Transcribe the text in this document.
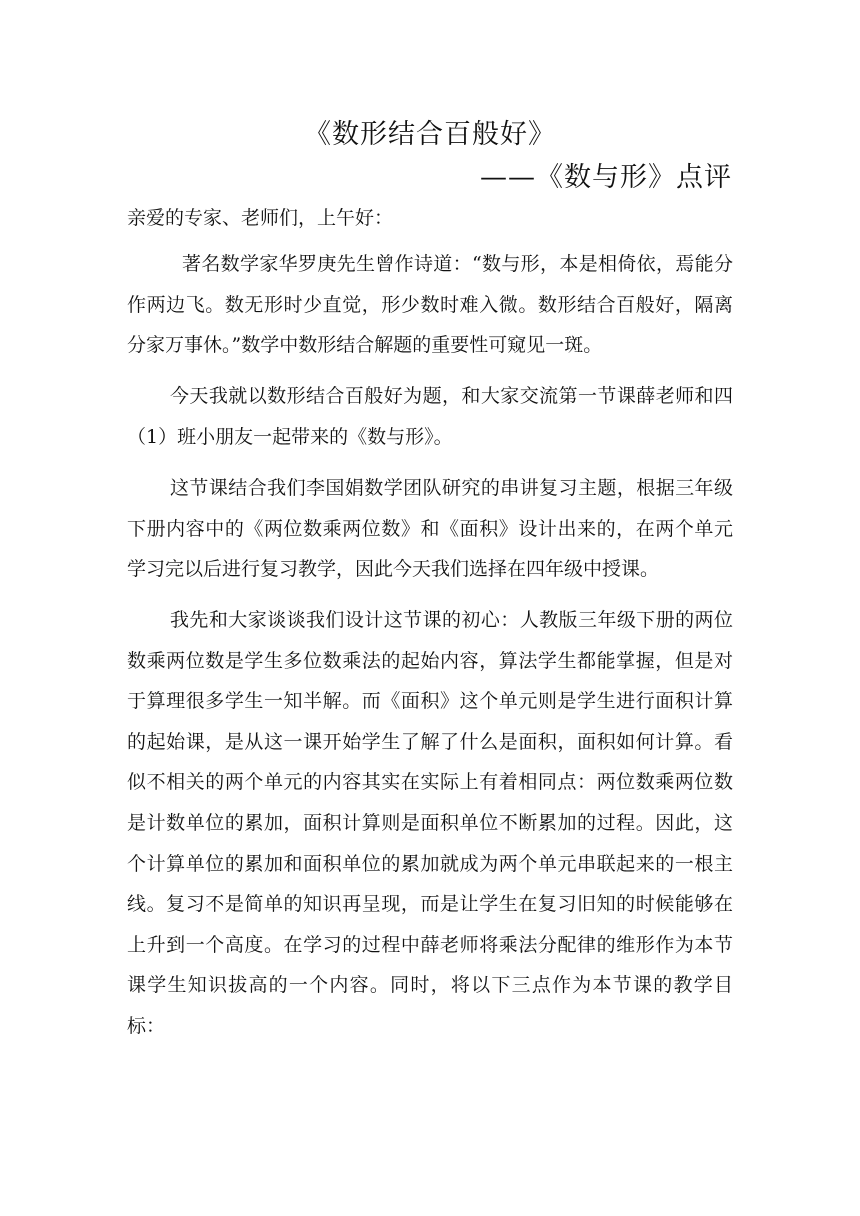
《数形结合百般好》
——《数与形》点评
亲爱的专家、老师们，上午好：

著名数学家华罗庚先生曾作诗道：“数与形，本是相倚依，焉能分作两边飞。数无形时少直觉，形少数时难入微。数形结合百般好，隔离分家万事休。”数学中数形结合解题的重要性可窥见一斑。

今天我就以数形结合百般好为题，和大家交流第一节课薛老师和四（1）班小朋友一起带来的《数与形》。

这节课结合我们李国娟数学团队研究的串讲复习主题，根据三年级下册内容中的《两位数乘两位数》和《面积》设计出来的，在两个单元学习完以后进行复习教学，因此今天我们选择在四年级中授课。

我先和大家谈谈我们设计这节课的初心：人教版三年级下册的两位数乘两位数是学生多位数乘法的起始内容，算法学生都能掌握，但是对于算理很多学生一知半解。而《面积》这个单元则是学生进行面积计算的起始课，是从这一课开始学生了解了什么是面积，面积如何计算。看似不相关的两个单元的内容其实在实际上有着相同点：两位数乘两位数是计数单位的累加，面积计算则是面积单位不断累加的过程。因此，这个计算单位的累加和面积单位的累加就成为两个单元串联起来的一根主线。复习不是简单的知识再呈现，而是让学生在复习旧知的时候能够在上升到一个高度。在学习的过程中薛老师将乘法分配律的维形作为本节课学生知识拔高的一个内容。同时，将以下三点作为本节课的教学目标：
